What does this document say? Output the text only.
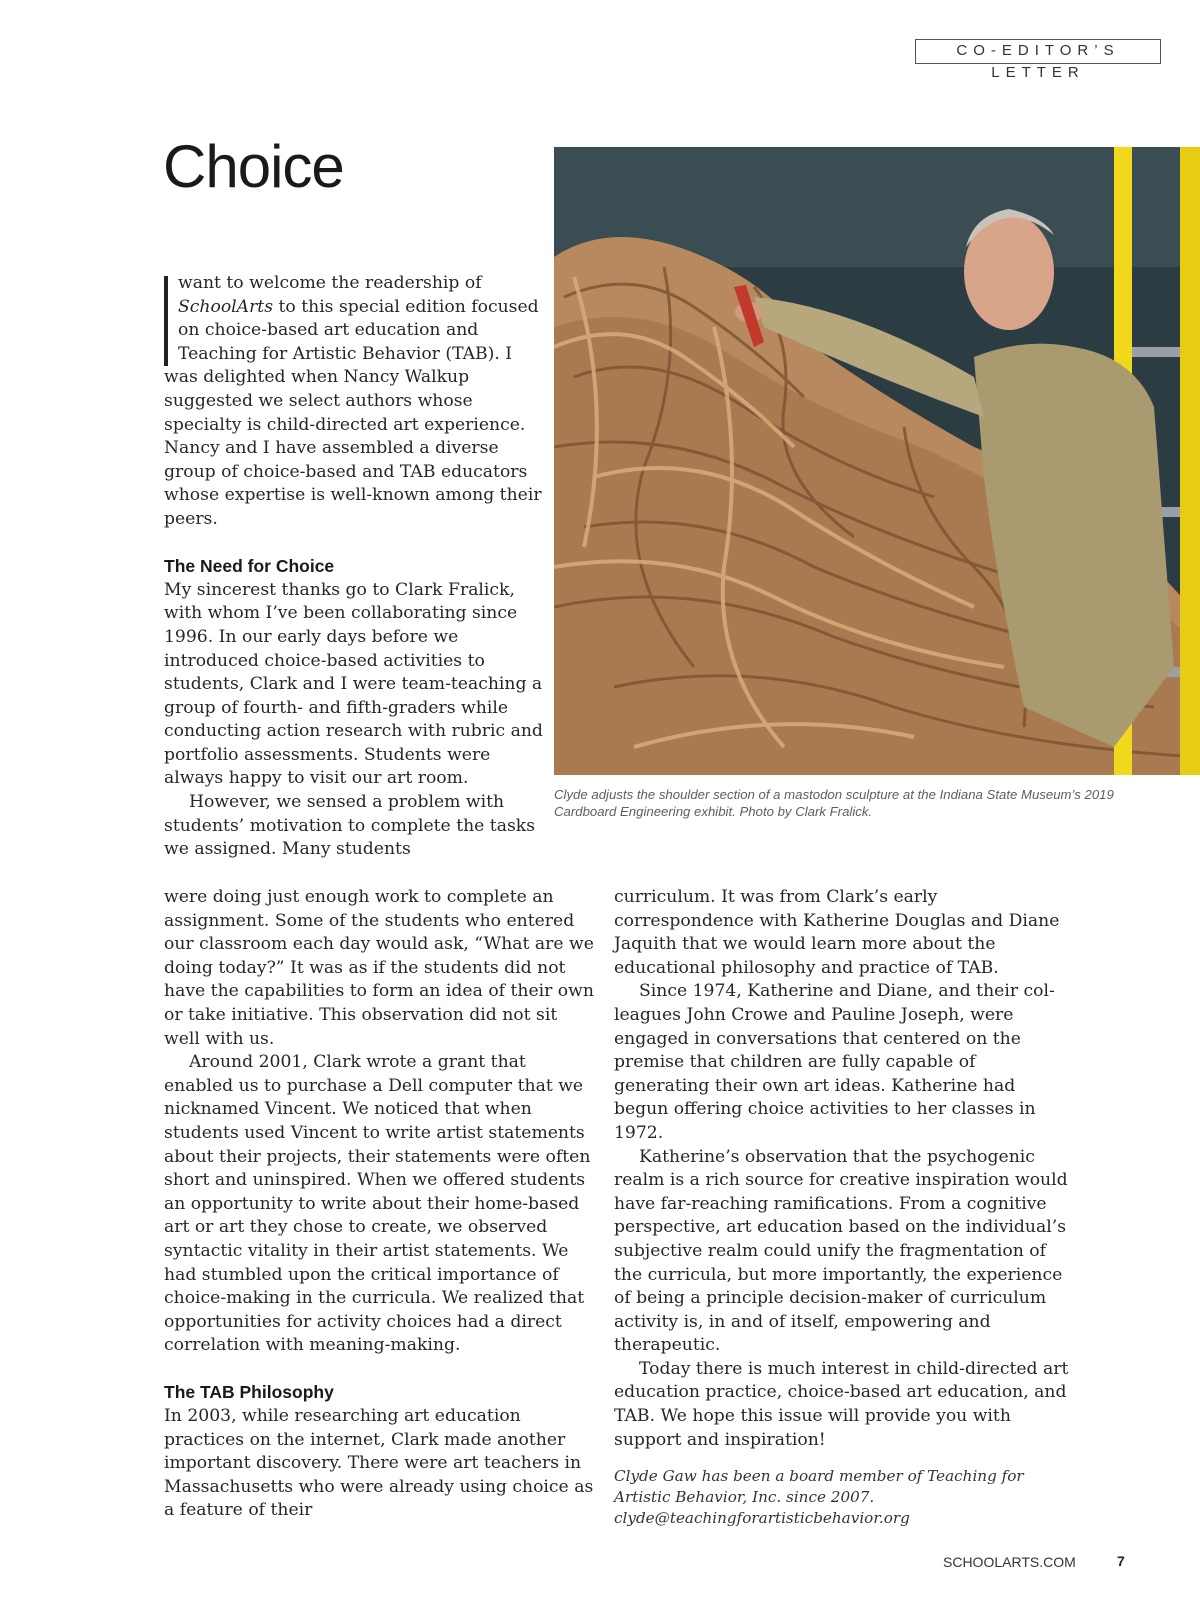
CO-EDITOR’S LETTER
Choice

Clyde adjusts the shoulder section of a mastodon sculpture at the Indiana State Museum’s 2019 Cardboard Engineering exhibit. Photo by Clark Fralick.

want to welcome the readership of SchoolArts to this special edition focused on choice-based art education and Teaching for Artistic Behavior (TAB). I was delighted when Nancy Walkup suggested we select authors whose specialty is child-directed art experience. Nancy and I have assembled a diverse group of choice-based and TAB educators whose expertise is well-known among their peers.

The Need for Choice

My sincerest thanks go to Clark Fralick, with whom I’ve been collaborating since 1996. In our early days before we introduced choice-based activities to students, Clark and I were team-teaching a group of fourth- and fifth-graders while conducting action research with rubric and portfolio assessments. Students were always happy to visit our art room.

However, we sensed a problem with students’ motivation to complete the tasks we assigned. Many students

were doing just enough work to complete an assignment. Some of the students who entered our classroom each day would ask, “What are we doing today?” It was as if the students did not have the capabilities to form an idea of their own or take initiative. This observation did not sit well with us.

Around 2001, Clark wrote a grant that enabled us to purchase a Dell computer that we nicknamed Vincent. We noticed that when students used Vincent to write artist statements about their projects, their statements were often short and uninspired. When we offered students an opportunity to write about their home-based art or art they chose to create, we observed syntactic vitality in their artist statements. We had stumbled upon the critical importance of choice-making in the curricula. We realized that opportunities for activity choices had a direct correlation with meaning-making.

The TAB Philosophy

In 2003, while researching art education practices on the internet, Clark made another important discovery. There were art teachers in Massachusetts who were already using choice as a feature of their

curriculum. It was from Clark’s early correspondence with Katherine Douglas and Diane Jaquith that we would learn more about the educational philosophy and practice of TAB.

Since 1974, Katherine and Diane, and their colleagues John Crowe and Pauline Joseph, were engaged in conversations that centered on the premise that children are fully capable of generating their own art ideas. Katherine had begun offering choice activities to her classes in 1972.

Katherine’s observation that the psychogenic realm is a rich source for creative inspiration would have far-reaching ramifications. From a cognitive perspective, art education based on the individual’s subjective realm could unify the fragmentation of the curricula, but more importantly, the experience of being a principle decision-maker of curriculum activity is, in and of itself, empowering and therapeutic.

Today there is much interest in child-directed art education practice, choice-based art education, and TAB. We hope this issue will provide you with support and inspiration!

Clyde Gaw has been a board member of Teaching for Artistic Behavior, Inc. since 2007. clyde@teachingforartisticbehavior.org

SCHOOLARTS.COM	7
